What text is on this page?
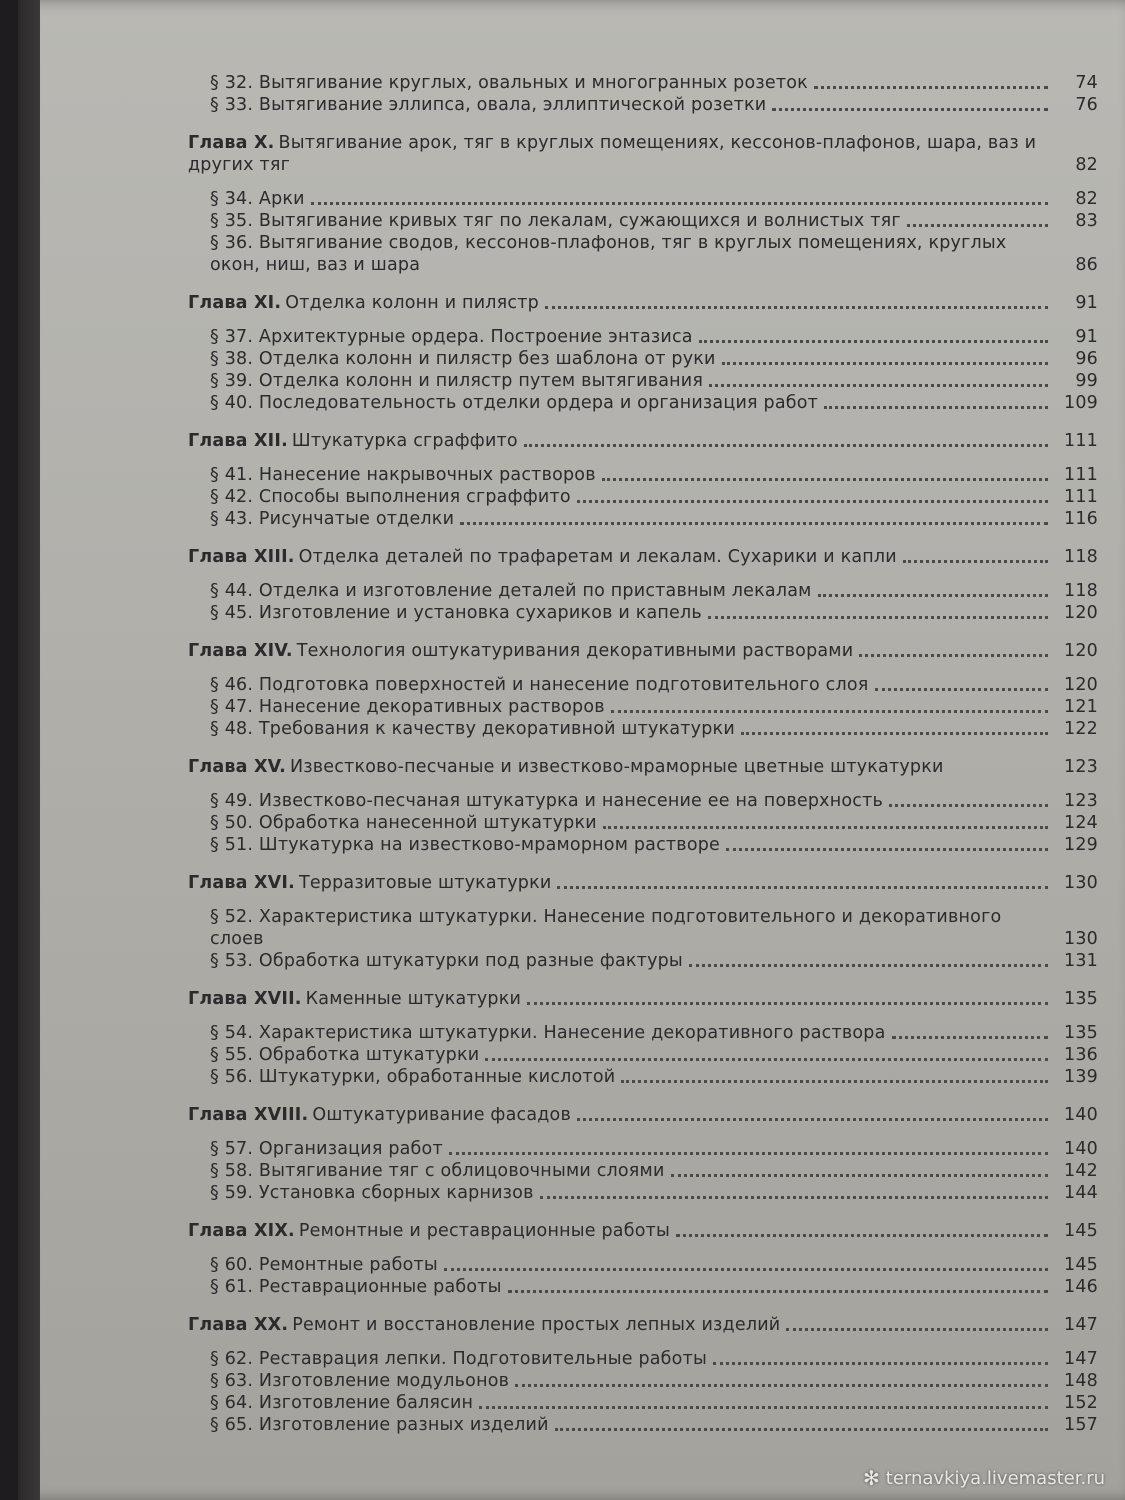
§ 32. Вытягивание круглых, овальных и многогранных розеток	74
§ 33. Вытягивание эллипса, овала, эллиптической розетки	76
Глава X. Вытягивание арок, тяг в круглых помещениях, кессонов-плафонов, шара, ваз и других тяг	82
§ 34. Арки	82
§ 35. Вытягивание кривых тяг по лекалам, сужающихся и волнистых тяг	83
§ 36. Вытягивание сводов, кессонов-плафонов, тяг в круглых помещениях, круглых окон, ниш, ваз и шара	86
Глава XI. Отделка колонн и пилястр	91
§ 37. Архитектурные ордера. Построение энтазиса	91
§ 38. Отделка колонн и пилястр без шаблона от руки	96
§ 39. Отделка колонн и пилястр путем вытягивания	99
§ 40. Последовательность отделки ордера и организация работ	109
Глава XII. Штукатурка сграффито	111
§ 41. Нанесение накрывочных растворов	111
§ 42. Способы выполнения сграффито	111
§ 43. Рисунчатые отделки	116
Глава XIII. Отделка деталей по трафаретам и лекалам. Сухарики и капли	118
§ 44. Отделка и изготовление деталей по приставным лекалам	118
§ 45. Изготовление и установка сухариков и капель	120
Глава XIV. Технология оштукатуривания декоративными растворами	120
§ 46. Подготовка поверхностей и нанесение подготовительного слоя	120
§ 47. Нанесение декоративных растворов	121
§ 48. Требования к качеству декоративной штукатурки	122
Глава XV. Известково-песчаные и известково-мраморные цветные штукатурки	123
§ 49. Известково-песчаная штукатурка и нанесение ее на поверхность	123
§ 50. Обработка нанесенной штукатурки	124
§ 51. Штукатурка на известково-мраморном растворе	129
Глава XVI. Терразитовые штукатурки	130
§ 52. Характеристика штукатурки. Нанесение подготовительного и декоративного слоев	130
§ 53. Обработка штукатурки под разные фактуры	131
Глава XVII. Каменные штукатурки	135
§ 54. Характеристика штукатурки. Нанесение декоративного раствора	135
§ 55. Обработка штукатурки	136
§ 56. Штукатурки, обработанные кислотой	139
Глава XVIII. Оштукатуривание фасадов	140
§ 57. Организация работ	140
§ 58. Вытягивание тяг с облицовочными слоями	142
§ 59. Установка сборных карнизов	144
Глава XIX. Ремонтные и реставрационные работы	145
§ 60. Ремонтные работы	145
§ 61. Реставрационные работы	146
Глава XX. Ремонт и восстановление простых лепных изделий	147
§ 62. Реставрация лепки. Подготовительные работы	147
§ 63. Изготовление модульонов	148
§ 64. Изготовление балясин	152
§ 65. Изготовление разных изделий	157
✻ ternavkiya.livemaster.ru
